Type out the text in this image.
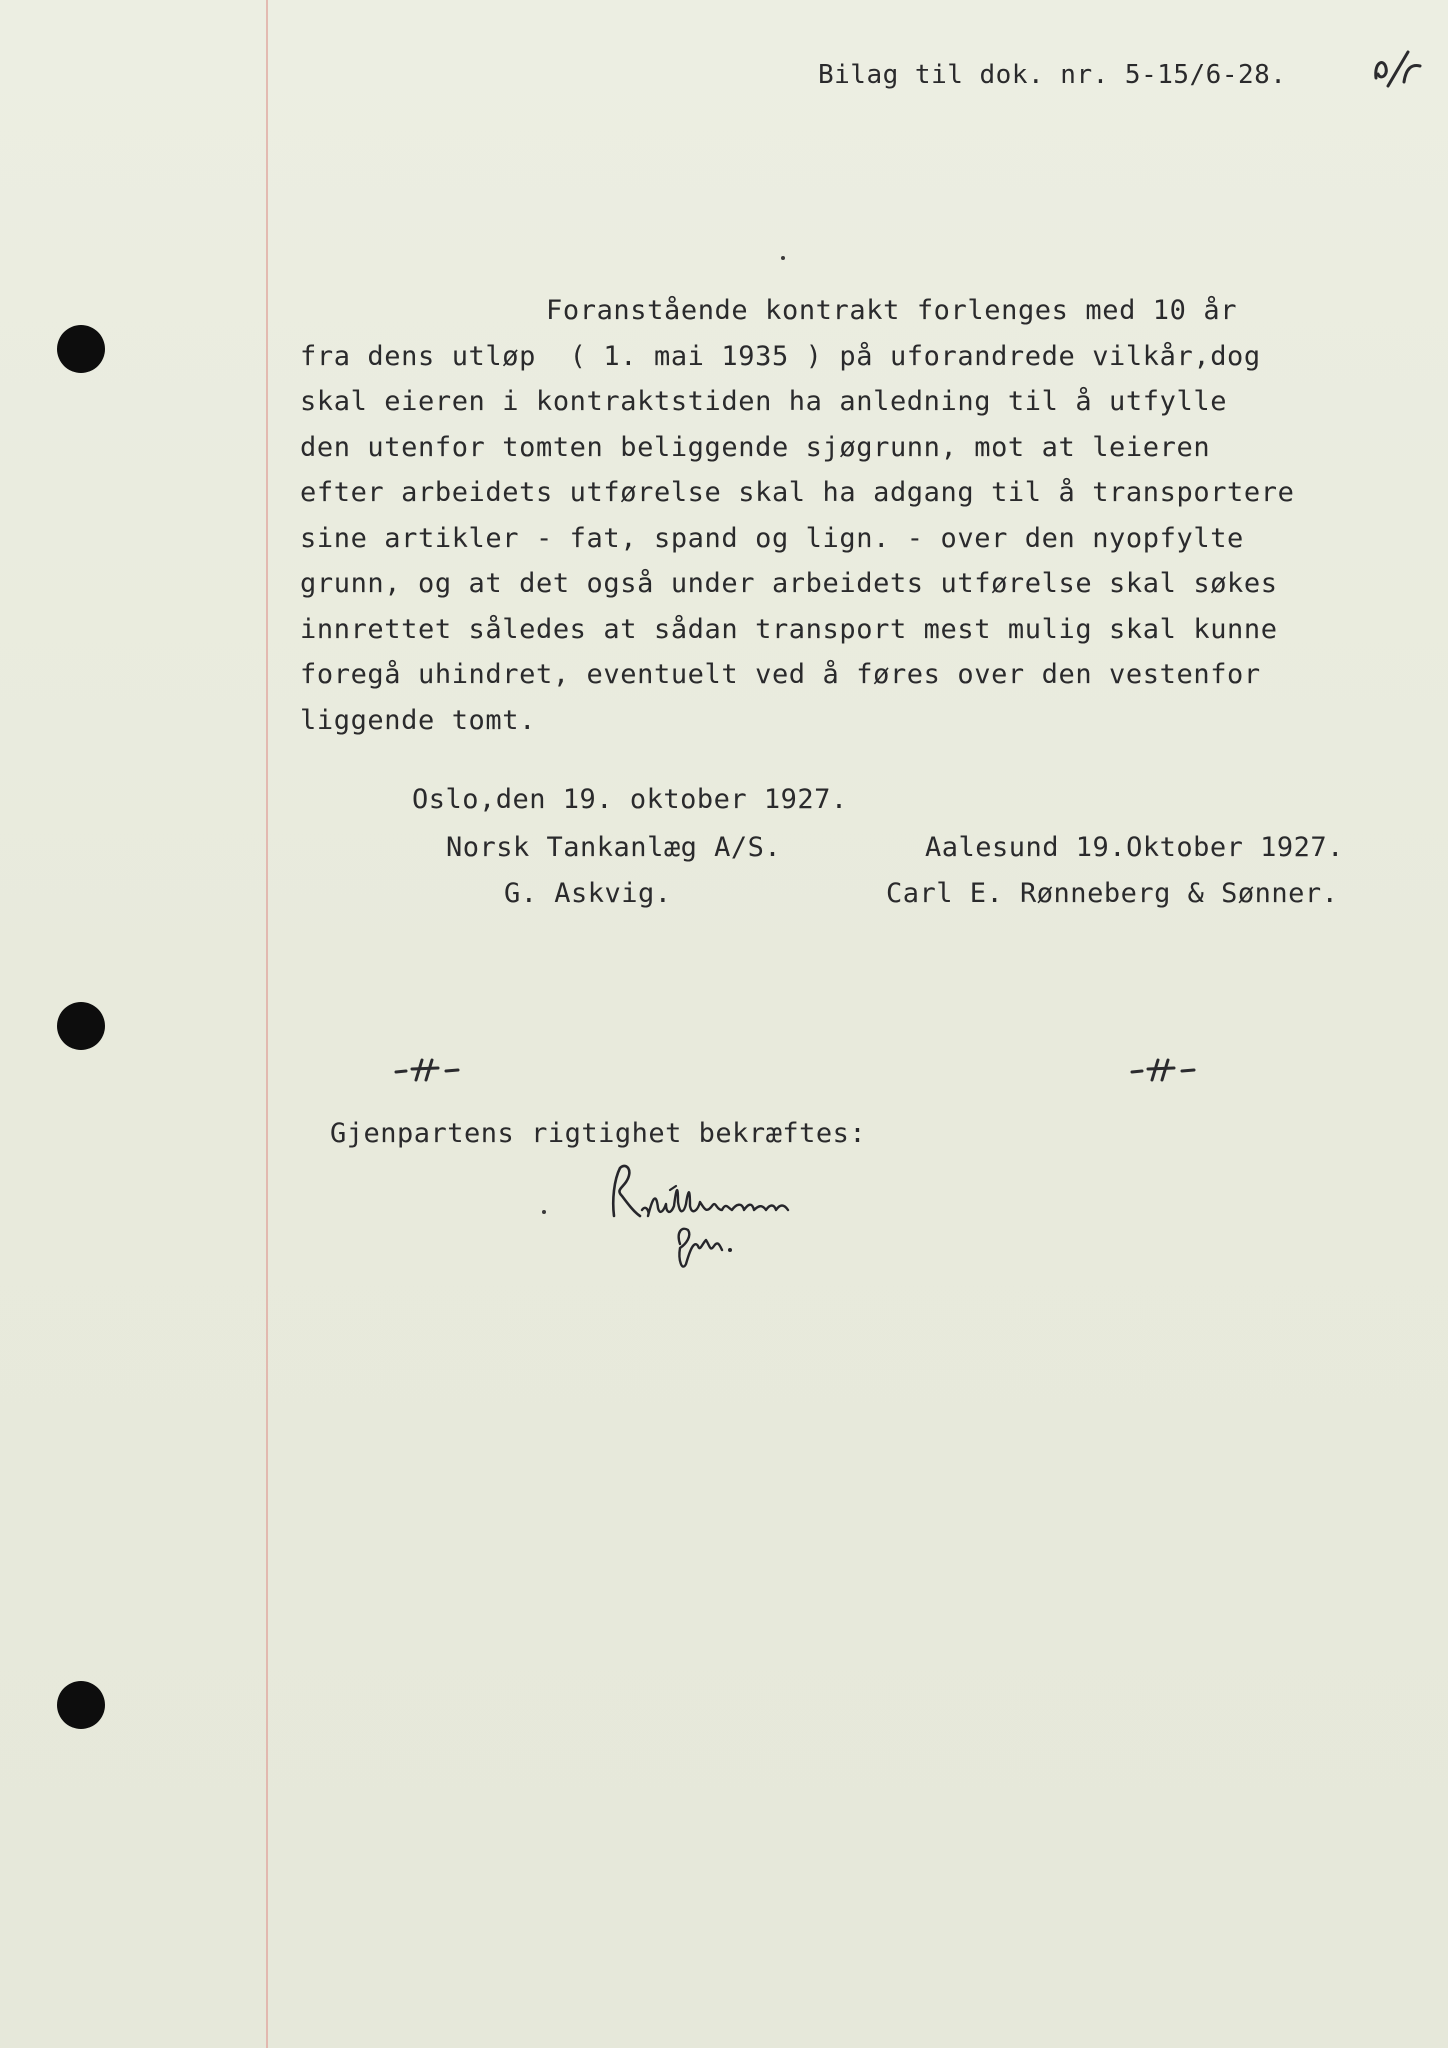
Bilag til dok. nr. 5-15/6-28.
Foranstående kontrakt forlenges med 10 år
fra dens utløp  ( 1. mai 1935 ) på uforandrede vilkår,dog
skal eieren i kontraktstiden ha anledning til å utfylle
den utenfor tomten beliggende sjøgrunn, mot at leieren
efter arbeidets utførelse skal ha adgang til å transportere
sine artikler - fat, spand og lign. - over den nyopfylte
grunn, og at det også under arbeidets utførelse skal søkes
innrettet således at sådan transport mest mulig skal kunne
foregå uhindret, eventuelt ved å føres over den vestenfor
liggende tomt.
Oslo,den 19. oktober 1927.
Norsk Tankanlæg A/S.	Aalesund 19.Oktober 1927.
G. Askvig.	Carl E. Rønneberg & Sønner.
Gjenpartens rigtighet bekræftes:
